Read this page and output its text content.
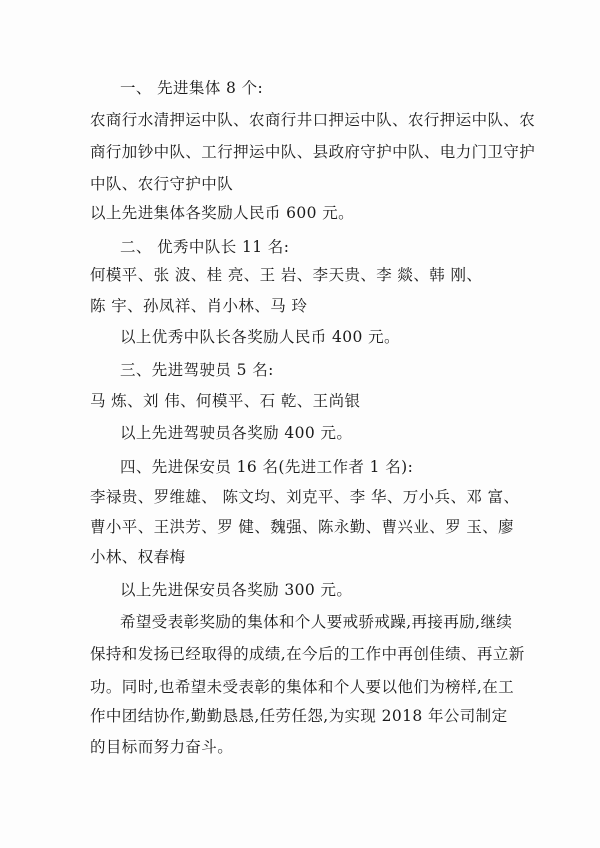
一、 先进集体 8 个:
农商行水清押运中队、农商行井口押运中队、农行押运中队、农
商行加钞中队、工行押运中队、县政府守护中队、电力门卫守护
中队、农行守护中队
以上先进集体各奖励人民币 600 元。
二、 优秀中队长 11 名:
何模平、张 波、桂 亮、王 岩、李天贵、李 燚、韩 刚、
陈 宇、孙凤祥、肖小林、马 玲
以上优秀中队长各奖励人民币 400 元。
三、先进驾驶员 5 名:
马 炼、刘 伟、何模平、石 乾、王尚银
以上先进驾驶员各奖励 400 元。
四、先进保安员 16 名(先进工作者 1 名):
李禄贵、罗维雄、 陈文均、刘克平、李 华、万小兵、邓 富、
曹小平、王洪芳、罗 健、魏强、陈永勤、曹兴业、罗 玉、廖
小林、权春梅
以上先进保安员各奖励 300 元。
希望受表彰奖励的集体和个人要戒骄戒躁,再接再励,继续
保持和发扬已经取得的成绩,在今后的工作中再创佳绩、再立新
功。同时,也希望未受表彰的集体和个人要以他们为榜样,在工
作中团结协作,勤勤恳恳,任劳任怨,为实现 2018 年公司制定
的目标而努力奋斗。
